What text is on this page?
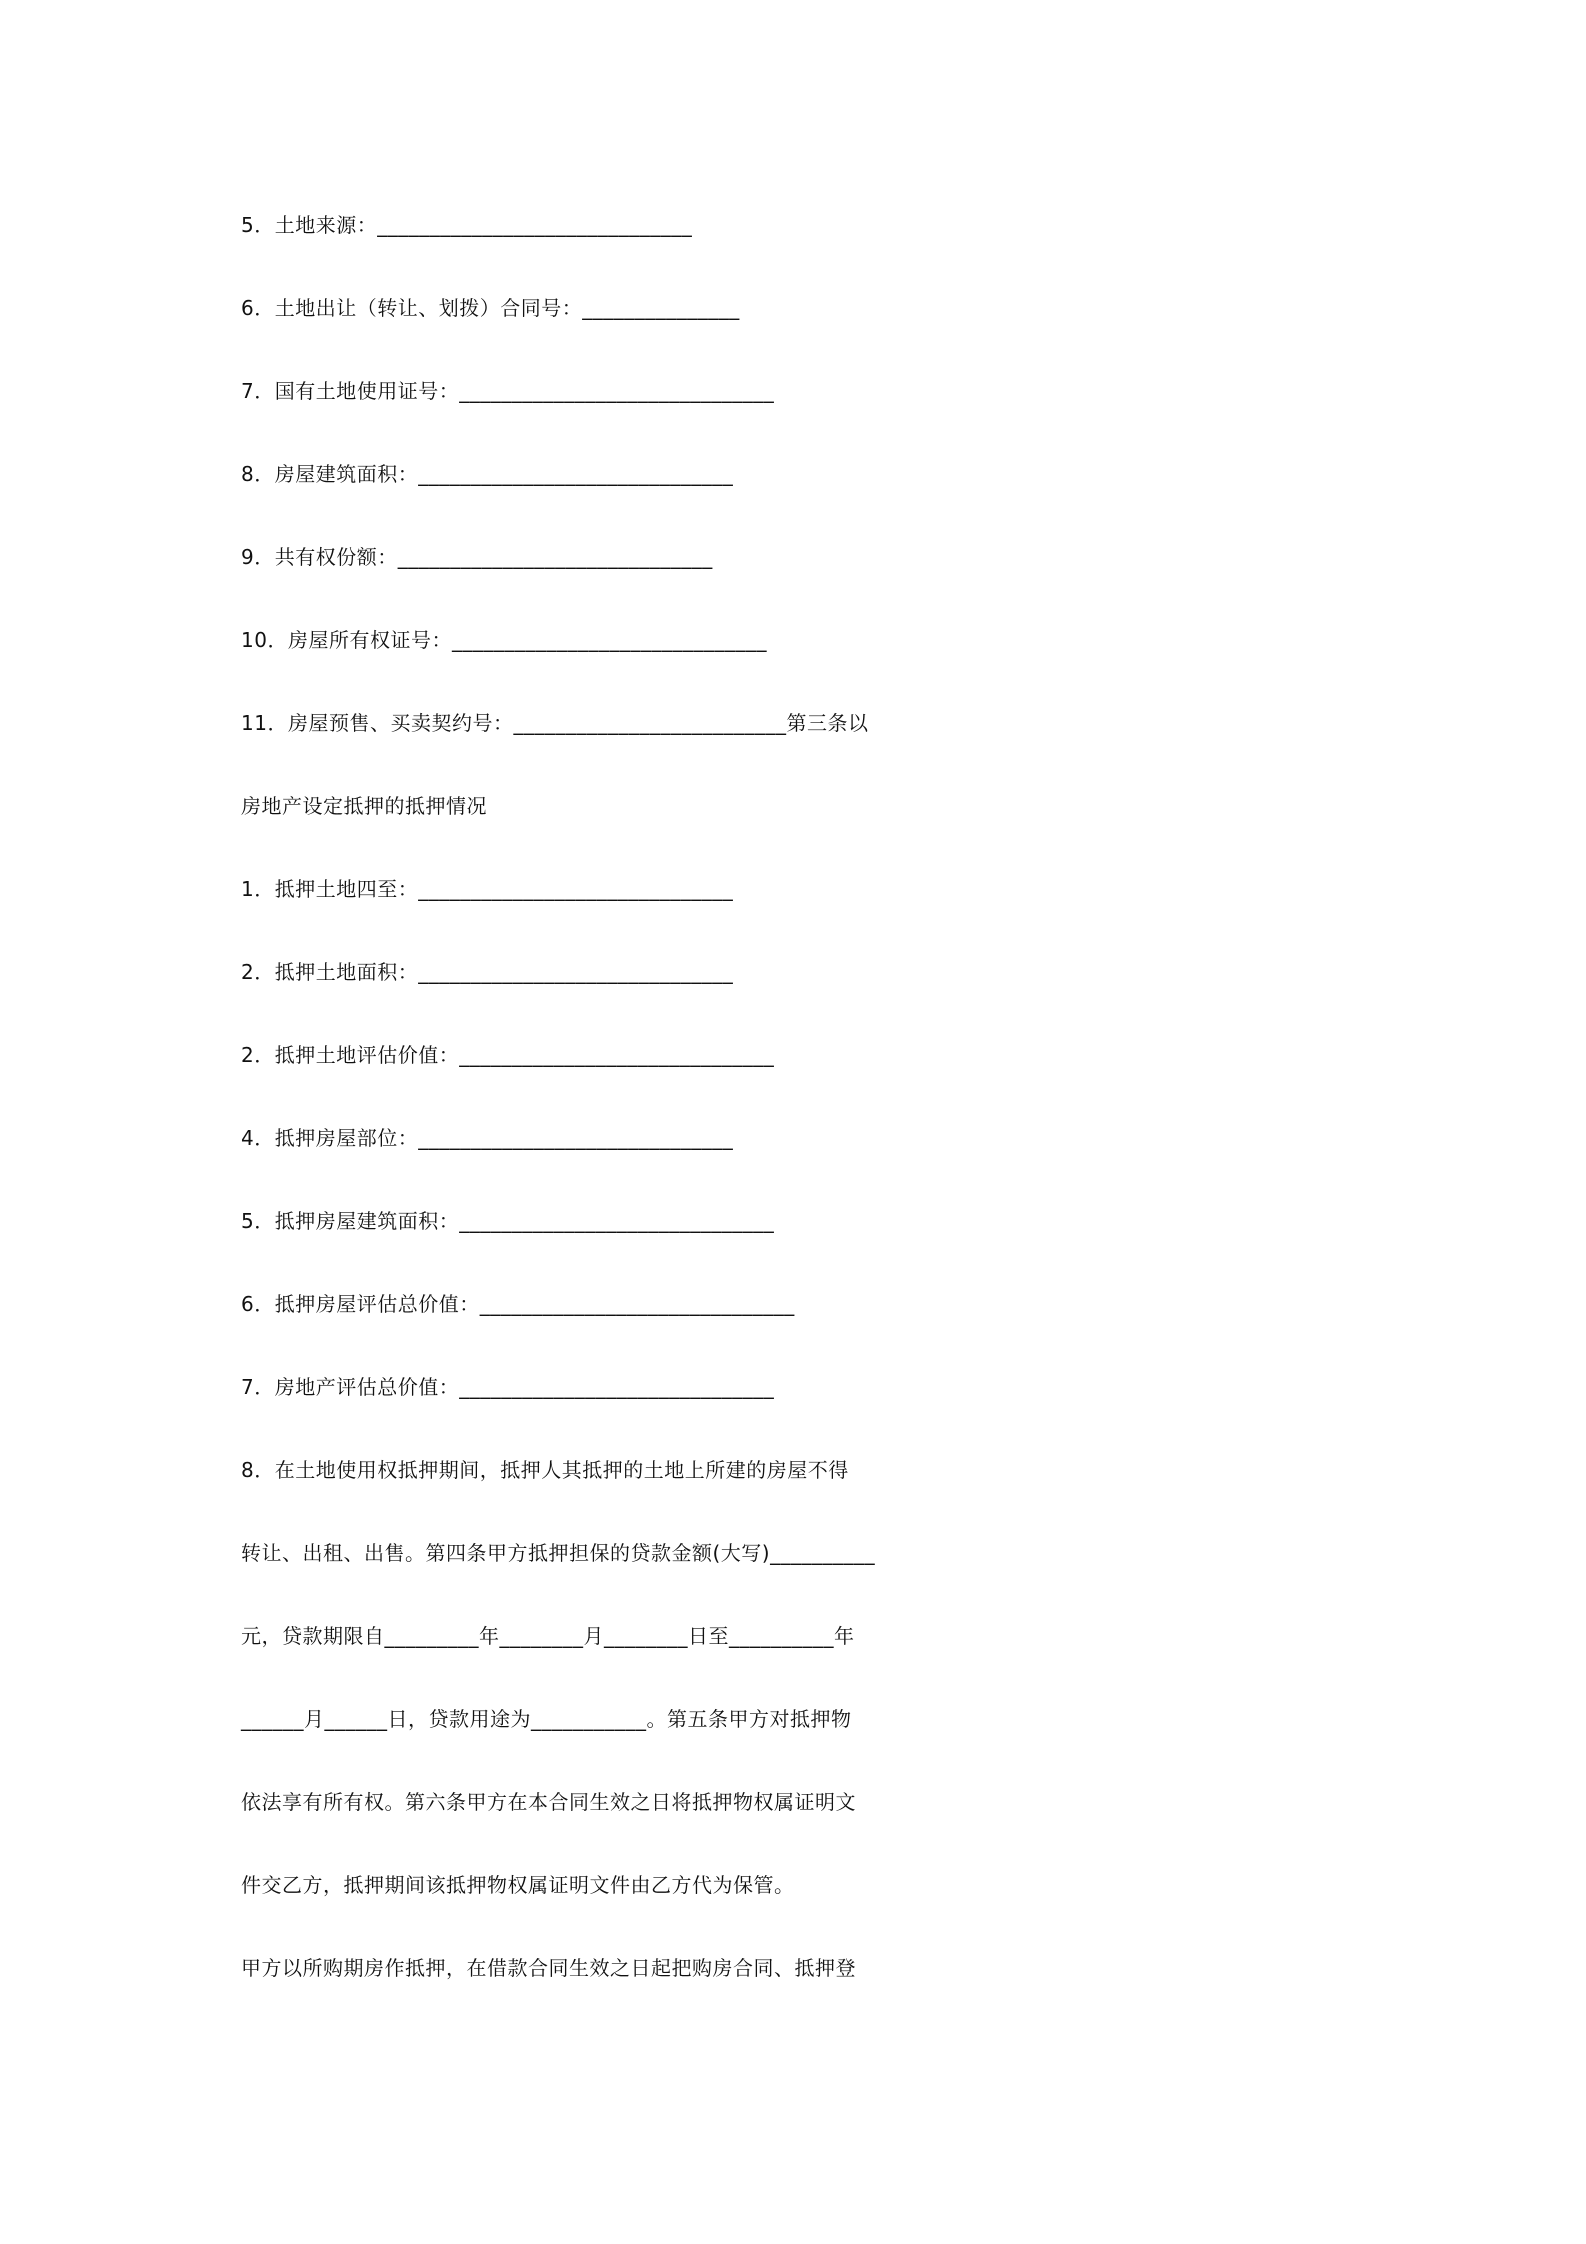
5．土地来源：______________________________
6．土地出让（转让、划拨）合同号：_______________
7．国有土地使用证号：______________________________
8．房屋建筑面积：______________________________
9．共有权份额：______________________________
10．房屋所有权证号：______________________________
11．房屋预售、买卖契约号：__________________________第三条以
房地产设定抵押的抵押情况
1．抵押土地四至：______________________________
2．抵押土地面积：______________________________
2．抵押土地评估价值：______________________________
4．抵押房屋部位：______________________________
5．抵押房屋建筑面积：______________________________
6．抵押房屋评估总价值：______________________________
7．房地产评估总价值：______________________________
8．在土地使用权抵押期间，抵押人其抵押的土地上所建的房屋不得
转让、出租、出售。第四条甲方抵押担保的贷款金额(大写)__________
元，贷款期限自_________年________月________日至__________年
______月______日，贷款用途为___________。第五条甲方对抵押物
依法享有所有权。第六条甲方在本合同生效之日将抵押物权属证明文
件交乙方，抵押期间该抵押物权属证明文件由乙方代为保管。
甲方以所购期房作抵押，在借款合同生效之日起把购房合同、抵押登
